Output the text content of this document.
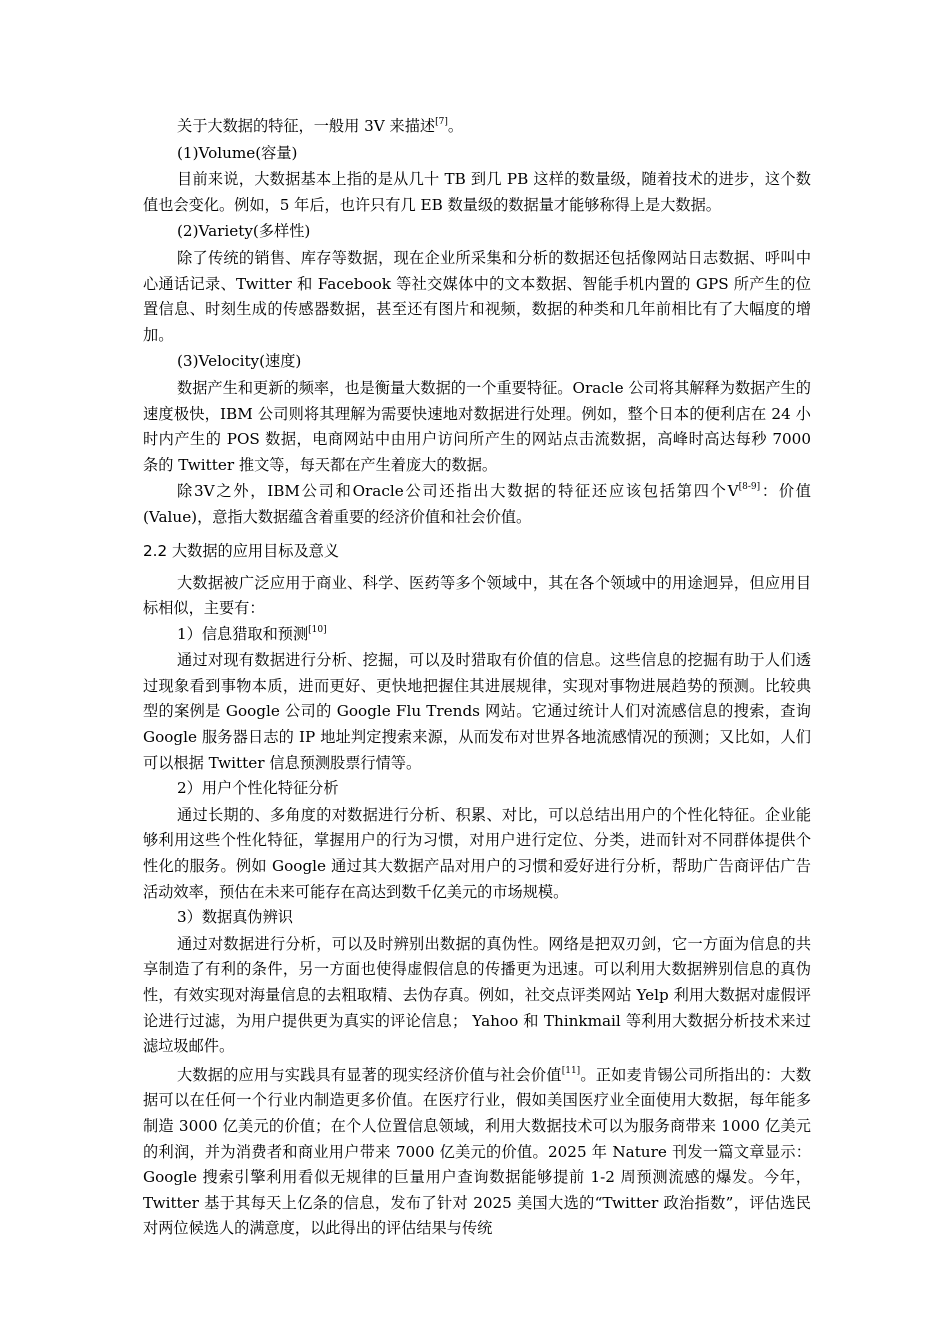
关于大数据的特征，一般用 3V 来描述[7]。

(1)Volume(容量)

目前来说，大数据基本上指的是从几十 TB 到几 PB 这样的数量级，随着技术的进步，这个数值也会变化。例如，5 年后，也许只有几 EB 数量级的数据量才能够称得上是大数据。

(2)Variety(多样性)

除了传统的销售、库存等数据，现在企业所采集和分析的数据还包括像网站日志数据、呼叫中心通话记录、Twitter 和 Facebook 等社交媒体中的文本数据、智能手机内置的 GPS 所产生的位置信息、时刻生成的传感器数据，甚至还有图片和视频，数据的种类和几年前相比有了大幅度的增加。

(3)Velocity(速度)

数据产生和更新的频率，也是衡量大数据的一个重要特征。Oracle 公司将其解释为数据产生的速度极快，IBM 公司则将其理解为需要快速地对数据进行处理。例如，整个日本的便利店在 24 小时内产生的 POS 数据，电商网站中由用户访问所产生的网站点击流数据，高峰时高达每秒 7000 条的 Twitter 推文等，每天都在产生着庞大的数据。

除3V之外，IBM公司和Oracle公司还指出大数据的特征还应该包括第四个V[8-9]：价值(Value)，意指大数据蕴含着重要的经济价值和社会价值。

2.2 大数据的应用目标及意义

大数据被广泛应用于商业、科学、医药等多个领域中，其在各个领域中的用途迥异，但应用目标相似，主要有：

1）信息猎取和预测[10]

通过对现有数据进行分析、挖掘，可以及时猎取有价值的信息。这些信息的挖掘有助于人们透过现象看到事物本质，进而更好、更快地把握住其进展规律，实现对事物进展趋势的预测。比较典型的案例是 Google 公司的 Google Flu Trends 网站。它通过统计人们对流感信息的搜索，查询 Google 服务器日志的 IP 地址判定搜索来源，从而发布对世界各地流感情况的预测；又比如，人们可以根据 Twitter 信息预测股票行情等。

2）用户个性化特征分析

通过长期的、多角度的对数据进行分析、积累、对比，可以总结出用户的个性化特征。企业能够利用这些个性化特征，掌握用户的行为习惯，对用户进行定位、分类，进而针对不同群体提供个性化的服务。例如 Google 通过其大数据产品对用户的习惯和爱好进行分析，帮助广告商评估广告活动效率，预估在未来可能存在高达到数千亿美元的市场规模。

3）数据真伪辨识

通过对数据进行分析，可以及时辨别出数据的真伪性。网络是把双刃剑，它一方面为信息的共享制造了有利的条件，另一方面也使得虚假信息的传播更为迅速。可以利用大数据辨别信息的真伪性，有效实现对海量信息的去粗取精、去伪存真。例如，社交点评类网站 Yelp 利用大数据对虚假评论进行过滤，为用户提供更为真实的评论信息； Yahoo 和 Thinkmail 等利用大数据分析技术来过滤垃圾邮件。

大数据的应用与实践具有显著的现实经济价值与社会价值[11]。正如麦肯锡公司所指出的：大数据可以在任何一个行业内制造更多价值。在医疗行业，假如美国医疗业全面使用大数据，每年能多制造 3000 亿美元的价值；在个人位置信息领域，利用大数据技术可以为服务商带来 1000 亿美元的利润，并为消费者和商业用户带来 7000 亿美元的价值。2025 年 Nature 刊发一篇文章显示：Google 搜索引擎利用看似无规律的巨量用户查询数据能够提前 1-2 周预测流感的爆发。今年，Twitter 基于其每天上亿条的信息，发布了针对 2025 美国大选的“Twitter 政治指数”，评估选民对两位候选人的满意度，以此得出的评估结果与传统
